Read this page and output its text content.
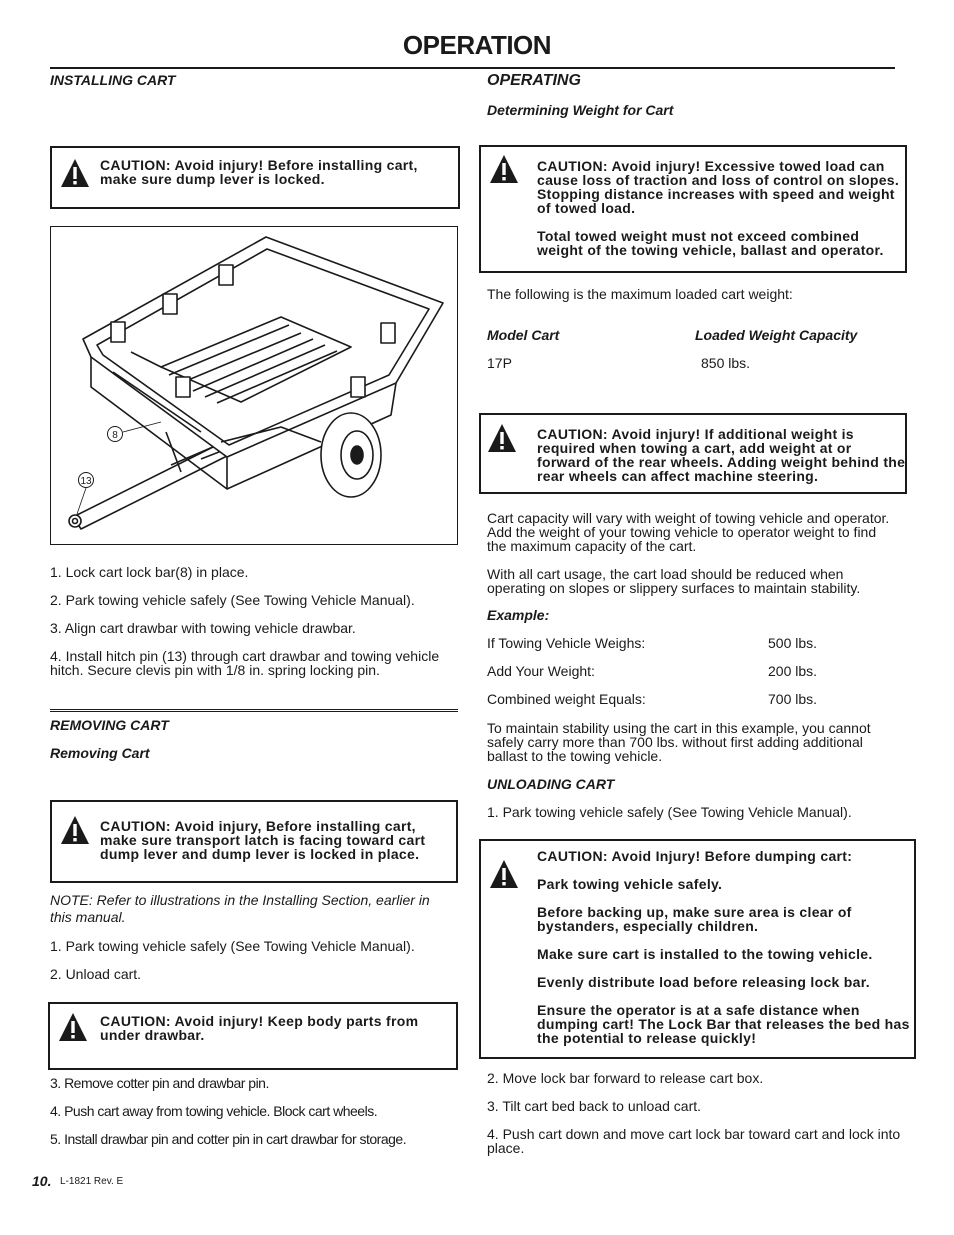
OPERATION
INSTALLING CART
CAUTION: Avoid injury! Before installing cart, make sure dump lever is locked.
8
13
1. Lock cart lock bar(8) in place.
2. Park towing vehicle safely (See Towing Vehicle Manual).
3. Align cart drawbar with towing vehicle drawbar.
4. Install hitch pin (13) through cart drawbar and towing vehicle hitch. Secure clevis pin with 1/8 in. spring locking pin.
REMOVING CART
Removing Cart
CAUTION: Avoid injury, Before installing cart, make sure transport latch is facing toward cart dump lever and dump lever is locked in place.
NOTE: Refer to illustrations in the Installing Section, earlier in this manual.
1. Park towing vehicle safely (See Towing Vehicle Manual).
2. Unload cart.
CAUTION: Avoid injury! Keep body parts from under drawbar.
3. Remove cotter pin and drawbar pin.
4. Push cart away from towing vehicle. Block cart wheels.
5. Install drawbar pin and cotter pin in cart drawbar for storage.
10. L-1821 Rev. E
OPERATING
Determining Weight for Cart
CAUTION: Avoid injury! Excessive towed load can cause loss of traction and loss of control on slopes. Stopping distance increases with speed and weight of towed load.
Total towed weight must not exceed combined weight of the towing vehicle, ballast and operator.
The following is the maximum loaded cart weight:
Model Cart	Loaded Weight Capacity
17P	850 lbs.
CAUTION: Avoid injury! If additional weight is required when towing a cart, add weight at or forward of the rear wheels. Adding weight behind the rear wheels can affect machine steering.
Cart capacity will vary with weight of towing vehicle and operator. Add the weight of your towing vehicle to operator weight to find the maximum capacity of the cart.
With all cart usage, the cart load should be reduced when operating on slopes or slippery surfaces to maintain stability.
Example:
If Towing Vehicle Weighs:	500 lbs.
Add Your Weight:	200 lbs.
Combined weight Equals:	700 lbs.
To maintain stability using the cart in this example, you cannot safely carry more than 700 lbs. without first adding additional ballast to the towing vehicle.
UNLOADING CART
1. Park towing vehicle safely (See Towing Vehicle Manual).
CAUTION: Avoid Injury! Before dumping cart:
Park towing vehicle safely.
Before backing up, make sure area is clear of bystanders, especially children.
Make sure cart is installed to the towing vehicle.
Evenly distribute load before releasing lock bar.
Ensure the operator is at a safe distance when dumping cart! The Lock Bar that releases the bed has the potential to release quickly!
2. Move lock bar forward to release cart box.
3. Tilt cart bed back to unload cart.
4. Push cart down and move cart lock bar toward cart and lock into
place.
